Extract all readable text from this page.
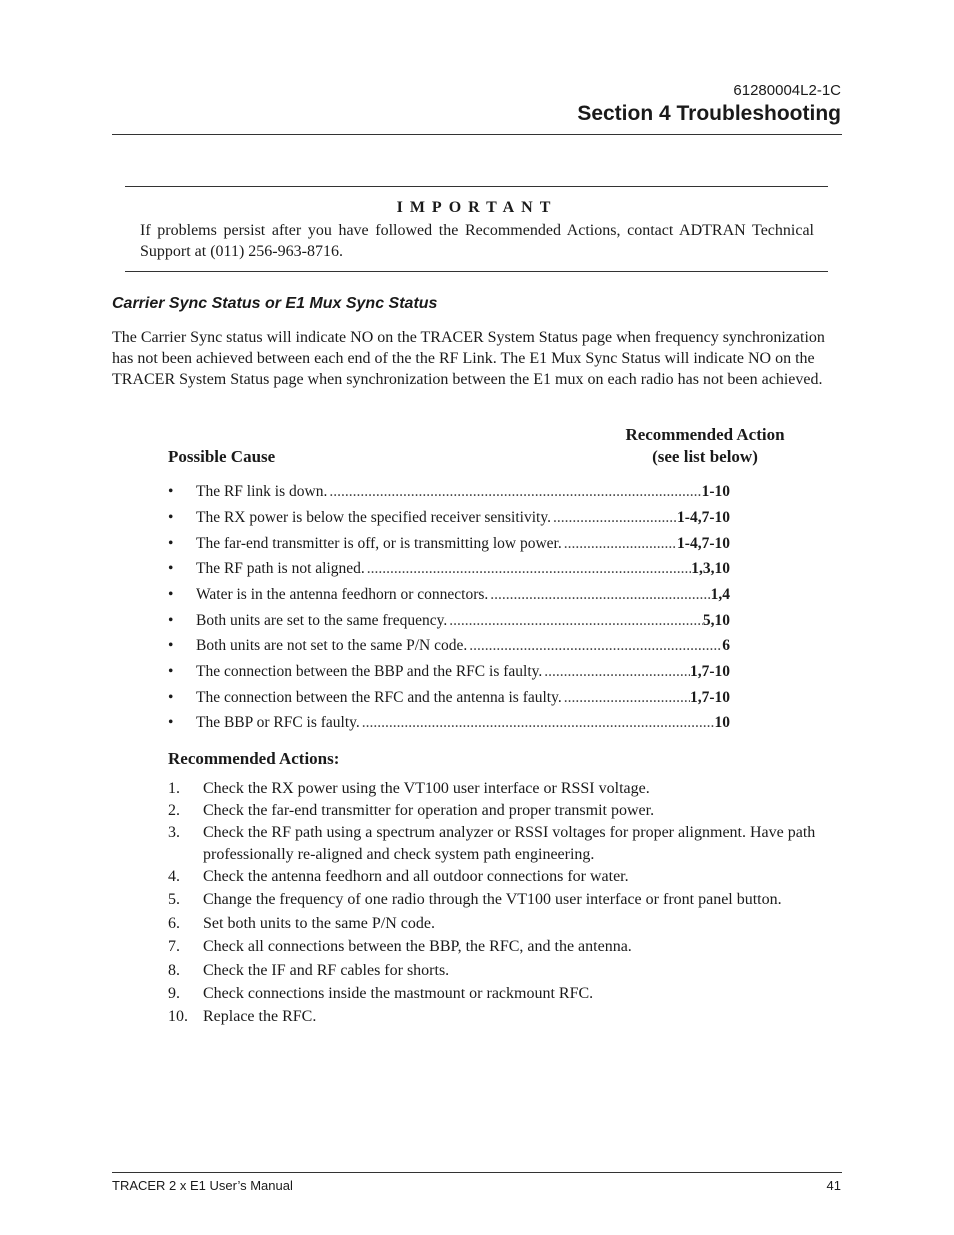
61280004L2-1C
Section 4 Troubleshooting
IMPORTANT
If problems persist after you have followed the Recommended Actions, contact ADTRAN Technical Support at (011) 256-963-8716.
Carrier Sync Status or E1 Mux Sync Status
The Carrier Sync status will indicate NO on the TRACER System Status page when frequency synchronization has not been achieved between each end of the the RF Link. The E1 Mux Sync Status will indicate NO on the TRACER System Status page when synchronization between the E1 mux on each radio has not been achieved.
Recommended Action
(see list below)
Possible Cause
•	The RF link is down. .....	1-10
•	The RX power is below the specified receiver sensitivity. .....	1-4,7-10
•	The far-end transmitter is off, or is transmitting low power. .....	1-4,7-10
•	The RF path is not aligned. .....	1,3,10
•	Water is in the antenna feedhorn or connectors. .....	1,4
•	Both units are set to the same frequency. .....	5,10
•	Both units are not set to the same P/N code. .....	6
•	The connection between the BBP and the RFC is faulty. .....	1,7-10
•	The connection between the RFC and the antenna is faulty. .....	1,7-10
•	The BBP or RFC is faulty. .....	10
Recommended Actions:
1.	Check the RX power using the VT100 user interface or RSSI voltage.
2.	Check the far-end transmitter for operation and proper transmit power.
3.	Check the RF path using a spectrum analyzer or RSSI voltages for proper alignment. Have path professionally re-aligned and check system path engineering.
4.	Check the antenna feedhorn and all outdoor connections for water.
5.	Change the frequency of one radio through the VT100 user interface or front panel button.
6.	Set both units to the same P/N code.
7.	Check all connections between the BBP, the RFC, and the antenna.
8.	Check the IF and RF cables for shorts.
9.	Check connections inside the mastmount or rackmount RFC.
10. Replace the RFC.
TRACER 2 x E1 User’s Manual	41
